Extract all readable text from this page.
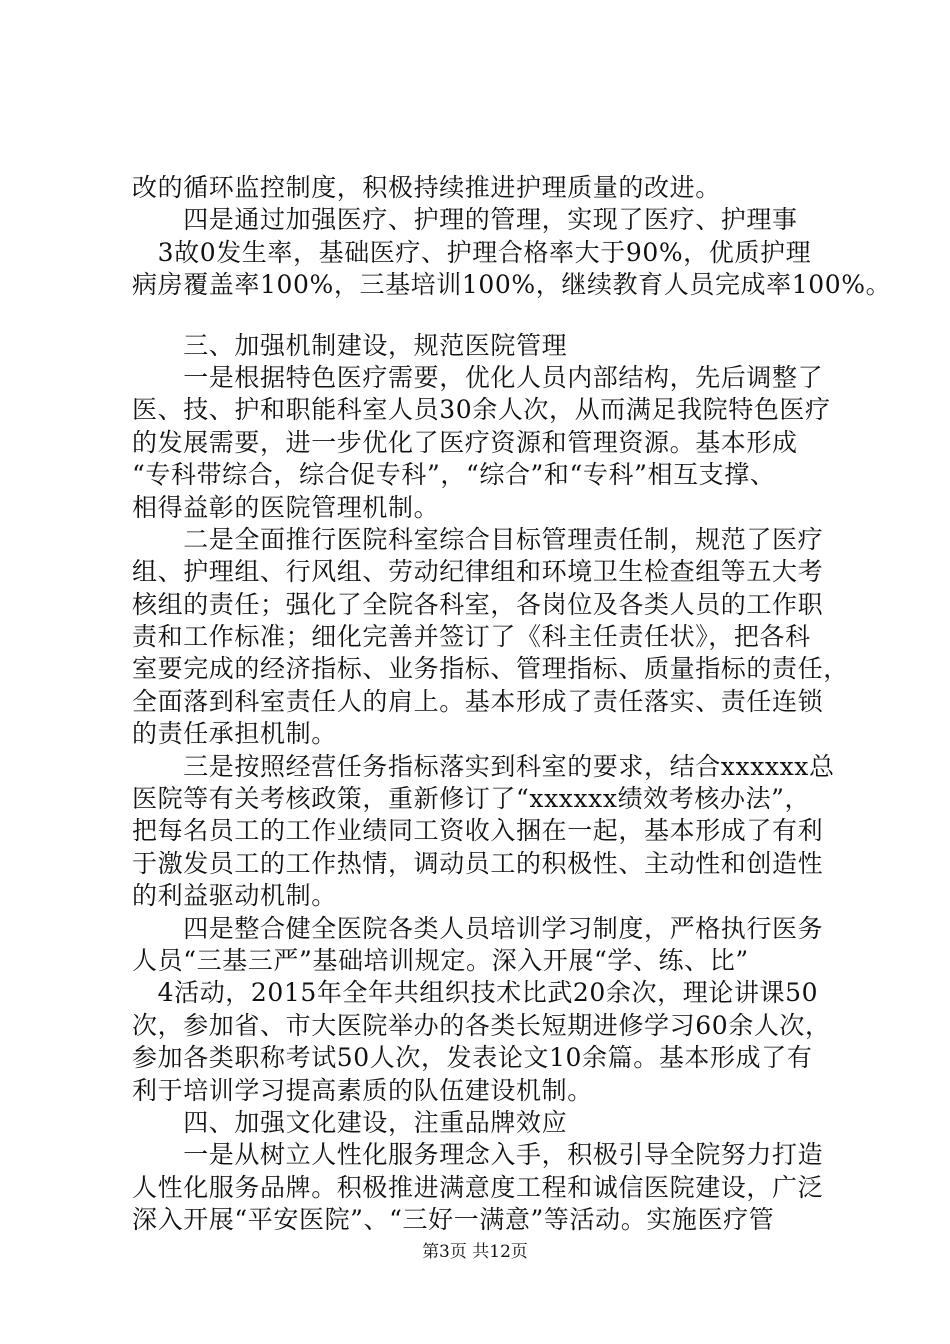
改的循环监控制度，积极持续推进护理质量的改进。
　　四是通过加强医疗、护理的管理，实现了医疗、护理事
　3故0发生率，基础医疗、护理合格率大于90%，优质护理
病房覆盖率100%，三基培训100%，继续教育人员完成率100%。
　　三、加强机制建设，规范医院管理
　　一是根据特色医疗需要，优化人员内部结构，先后调整了
医、技、护和职能科室人员30余人次，从而满足我院特色医疗
的发展需要，进一步优化了医疗资源和管理资源。基本形成
“专科带综合，综合促专科”，“综合”和“专科”相互支撑、
相得益彰的医院管理机制。
　　二是全面推行医院科室综合目标管理责任制，规范了医疗
组、护理组、行风组、劳动纪律组和环境卫生检查组等五大考
核组的责任；强化了全院各科室，各岗位及各类人员的工作职
责和工作标准；细化完善并签订了《科主任责任状》，把各科
室要完成的经济指标、业务指标、管理指标、质量指标的责任，
全面落到科室责任人的肩上。基本形成了责任落实、责任连锁
的责任承担机制。
　　三是按照经营任务指标落实到科室的要求，结合xxxxxx总
医院等有关考核政策，重新修订了“xxxxxx绩效考核办法”，
把每名员工的工作业绩同工资收入捆在一起，基本形成了有利
于激发员工的工作热情，调动员工的积极性、主动性和创造性
的利益驱动机制。
　　四是整合健全医院各类人员培训学习制度，严格执行医务
人员“三基三严”基础培训规定。深入开展“学、练、比”
　4活动，2015年全年共组织技术比武20余次，理论讲课50
次，参加省、市大医院举办的各类长短期进修学习60余人次，
参加各类职称考试50人次，发表论文10余篇。基本形成了有
利于培训学习提高素质的队伍建设机制。
　　四、加强文化建设，注重品牌效应
　　一是从树立人性化服务理念入手，积极引导全院努力打造
人性化服务品牌。积极推进满意度工程和诚信医院建设，广泛
深入开展“平安医院”、“三好一满意”等活动。实施医疗管
第3页 共12页
